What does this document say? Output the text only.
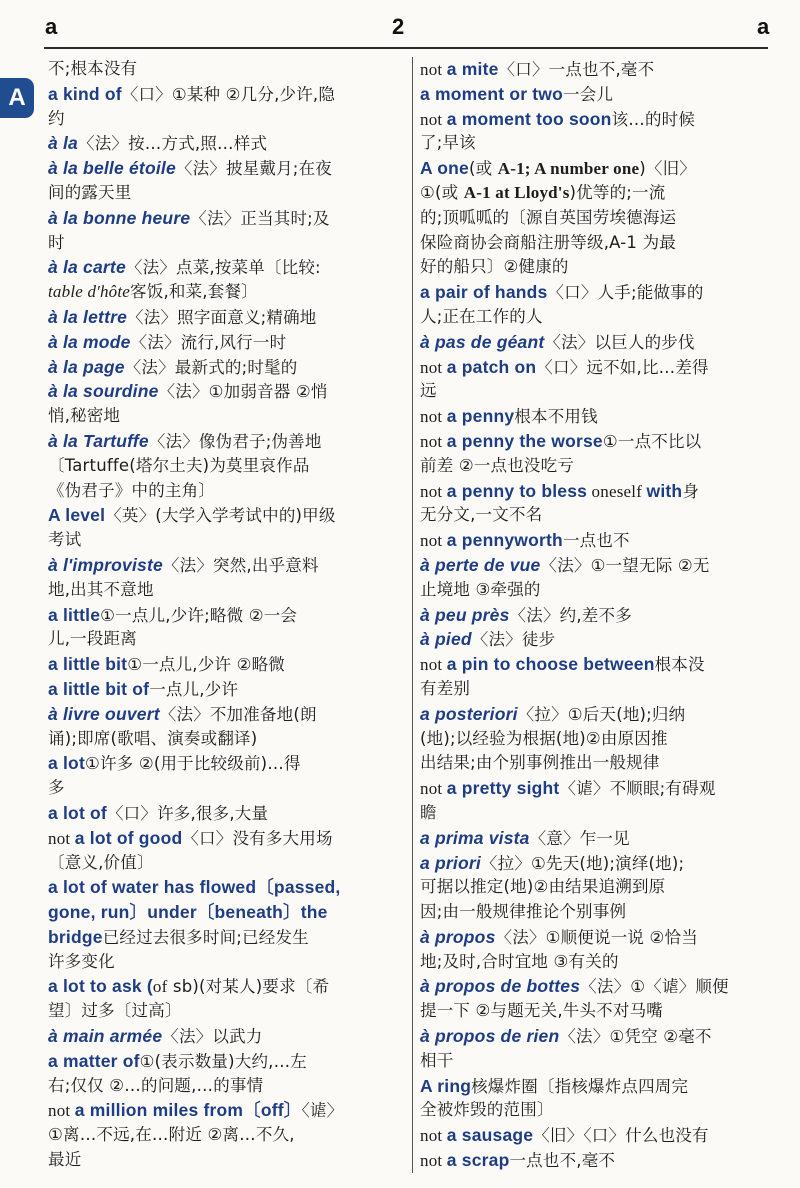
a	2	a
A
不;根本没有
a kind of〈口〉①某种 ②几分,少许,隐
约
à la〈法〉按…方式,照…样式
à la belle étoile〈法〉披星戴月;在夜
间的露天里
à la bonne heure〈法〉正当其时;及
时
à la carte〈法〉点菜,按菜单〔比较:
table d'hôte客饭,和菜,套餐〕
à la lettre〈法〉照字面意义;精确地
à la mode〈法〉流行,风行一时
à la page〈法〉最新式的;时髦的
à la sourdine〈法〉①加弱音器 ②悄
悄,秘密地
à la Tartuffe〈法〉像伪君子;伪善地
〔Tartuffe(塔尔土夫)为莫里哀作品
《伪君子》中的主角〕
A level〈英〉(大学入学考试中的)甲级
考试
à l'improviste〈法〉突然,出乎意料
地,出其不意地
a little①一点儿,少许;略微 ②一会
儿,一段距离
a little bit①一点儿,少许 ②略微
a little bit of一点儿,少许
à livre ouvert〈法〉不加准备地(朗
诵);即席(歌唱、演奏或翻译)
a lot①许多 ②(用于比较级前)…得
多
a lot of〈口〉许多,很多,大量
not a lot of good〈口〉没有多大用场
〔意义,价值〕
a lot of water has flowed〔passed,
gone, run〕under〔beneath〕the
bridge已经过去很多时间;已经发生
许多变化
a lot to ask (of sb)(对某人)要求〔希
望〕过多〔过高〕
à main armée〈法〉以武力
a matter of①(表示数量)大约,…左
右;仅仅 ②…的问题,…的事情
not a million miles from〔off〕〈谑〉
①离…不远,在…附近 ②离…不久,
最近
not a mite〈口〉一点也不,毫不
a moment or two一会儿
not a moment too soon该…的时候
了;早该
A one(或 A-1; A number one)〈旧〉
①(或 A-1 at Lloyd's)优等的;一流
的;顶呱呱的〔源自英国劳埃德海运
保险商协会商船注册等级,A-1 为最
好的船只〕②健康的
a pair of hands〈口〉人手;能做事的
人;正在工作的人
à pas de géant〈法〉以巨人的步伐
not a patch on〈口〉远不如,比…差得
远
not a penny根本不用钱
not a penny the worse①一点不比以
前差 ②一点也没吃亏
not a penny to bless oneself with身
无分文,一文不名
not a pennyworth一点也不
à perte de vue〈法〉①一望无际 ②无
止境地 ③牵强的
à peu près〈法〉约,差不多
à pied〈法〉徒步
not a pin to choose between根本没
有差别
a posteriori〈拉〉①后天(地);归纳
(地);以经验为根据(地)②由原因推
出结果;由个别事例推出一般规律
not a pretty sight〈谑〉不顺眼;有碍观
瞻
a prima vista〈意〉乍一见
a priori〈拉〉①先天(地);演绎(地);
可据以推定(地)②由结果追溯到原
因;由一般规律推论个别事例
à propos〈法〉①顺便说一说 ②恰当
地;及时,合时宜地 ③有关的
à propos de bottes〈法〉①〈谑〉顺便
提一下 ②与题无关,牛头不对马嘴
à propos de rien〈法〉①凭空 ②毫不
相干
A ring核爆炸圈〔指核爆炸点四周完
全被炸毁的范围〕
not a sausage〈旧〉〈口〉什么也没有
not a scrap一点也不,毫不
